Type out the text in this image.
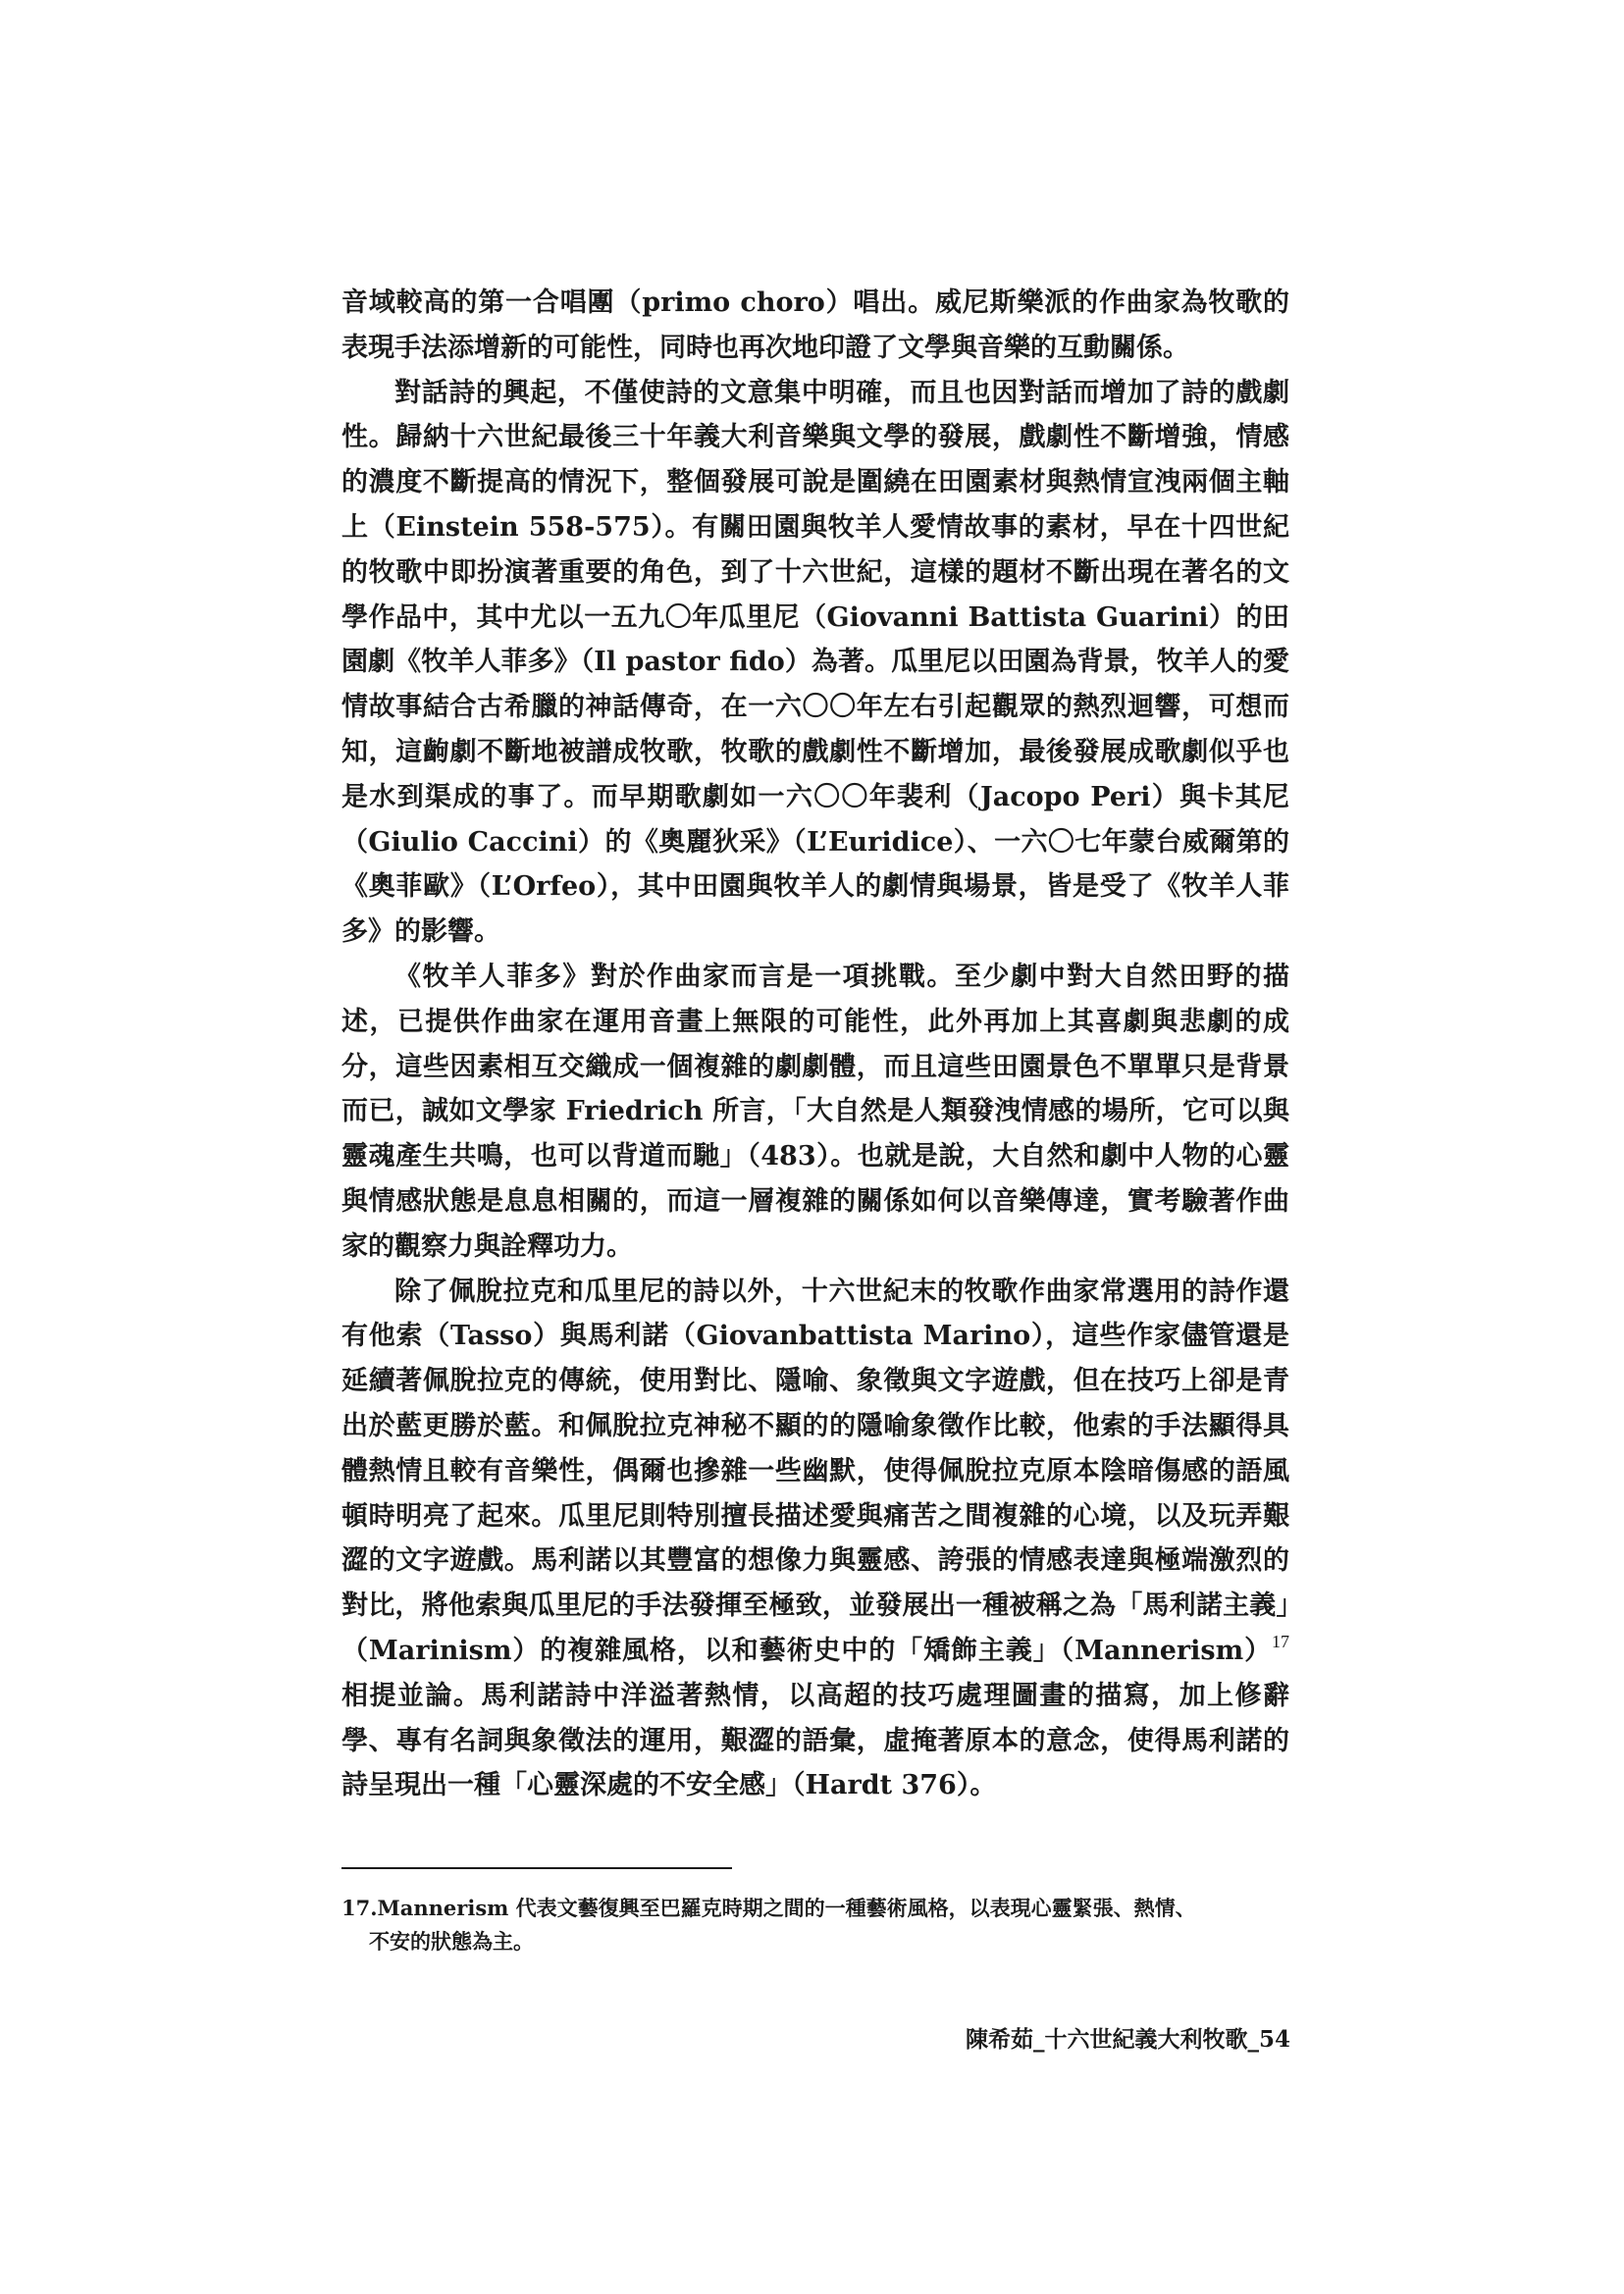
音域較高的第一合唱團（primo choro）唱出。威尼斯樂派的作曲家為牧歌的表現手法添增新的可能性，同時也再次地印證了文學與音樂的互動關係。

對話詩的興起，不僅使詩的文意集中明確，而且也因對話而增加了詩的戲劇性。歸納十六世紀最後三十年義大利音樂與文學的發展，戲劇性不斷增強，情感的濃度不斷提高的情況下，整個發展可說是圍繞在田園素材與熱情宣洩兩個主軸上（Einstein 558-575）。有關田園與牧羊人愛情故事的素材，早在十四世紀的牧歌中即扮演著重要的角色，到了十六世紀，這樣的題材不斷出現在著名的文學作品中，其中尤以一五九〇年瓜里尼（Giovanni Battista Guarini）的田園劇《牧羊人菲多》（Il pastor fido）為著。瓜里尼以田園為背景，牧羊人的愛情故事結合古希臘的神話傳奇，在一六〇〇年左右引起觀眾的熱烈迴響，可想而知，這齣劇不斷地被譜成牧歌，牧歌的戲劇性不斷增加，最後發展成歌劇似乎也是水到渠成的事了。而早期歌劇如一六〇〇年裴利（Jacopo Peri）與卡其尼（Giulio Caccini）的《奧麗狄采》（L’Euridice）、一六〇七年蒙台威爾第的《奧菲歐》（L’Orfeo），其中田園與牧羊人的劇情與場景，皆是受了《牧羊人菲多》的影響。

《牧羊人菲多》對於作曲家而言是一項挑戰。至少劇中對大自然田野的描述，已提供作曲家在運用音畫上無限的可能性，此外再加上其喜劇與悲劇的成分，這些因素相互交織成一個複雜的劇劇體，而且這些田園景色不單單只是背景而已，誠如文學家 Friedrich 所言，「大自然是人類發洩情感的場所，它可以與靈魂產生共鳴，也可以背道而馳」（483）。也就是說，大自然和劇中人物的心靈與情感狀態是息息相關的，而這一層複雜的關係如何以音樂傳達，實考驗著作曲家的觀察力與詮釋功力。

除了佩脫拉克和瓜里尼的詩以外，十六世紀末的牧歌作曲家常選用的詩作還有他索（Tasso）與馬利諾（Giovanbattista Marino），這些作家儘管還是延續著佩脫拉克的傳統，使用對比、隱喻、象徵與文字遊戲，但在技巧上卻是青出於藍更勝於藍。和佩脫拉克神秘不顯的的隱喻象徵作比較，他索的手法顯得具體熱情且較有音樂性，偶爾也摻雜一些幽默，使得佩脫拉克原本陰暗傷感的語風頓時明亮了起來。瓜里尼則特別擅長描述愛與痛苦之間複雜的心境，以及玩弄艱澀的文字遊戲。馬利諾以其豐富的想像力與靈感、誇張的情感表達與極端激烈的對比，將他索與瓜里尼的手法發揮至極致，並發展出一種被稱之為「馬利諾主義」（Marinism）的複雜風格，以和藝術史中的「矯飾主義」（Mannerism）$^{17}$ 相提並論。馬利諾詩中洋溢著熱情，以高超的技巧處理圖畫的描寫，加上修辭學、專有名詞與象徵法的運用，艱澀的語彙，虛掩著原本的意念，使得馬利諾的詩呈現出一種「心靈深處的不安全感」（Hardt 376）。

17.Mannerism 代表文藝復興至巴羅克時期之間的一種藝術風格，以表現心靈緊張、熱情、
不安的狀態為主。
陳希茹_十六世紀義大利牧歌_54
